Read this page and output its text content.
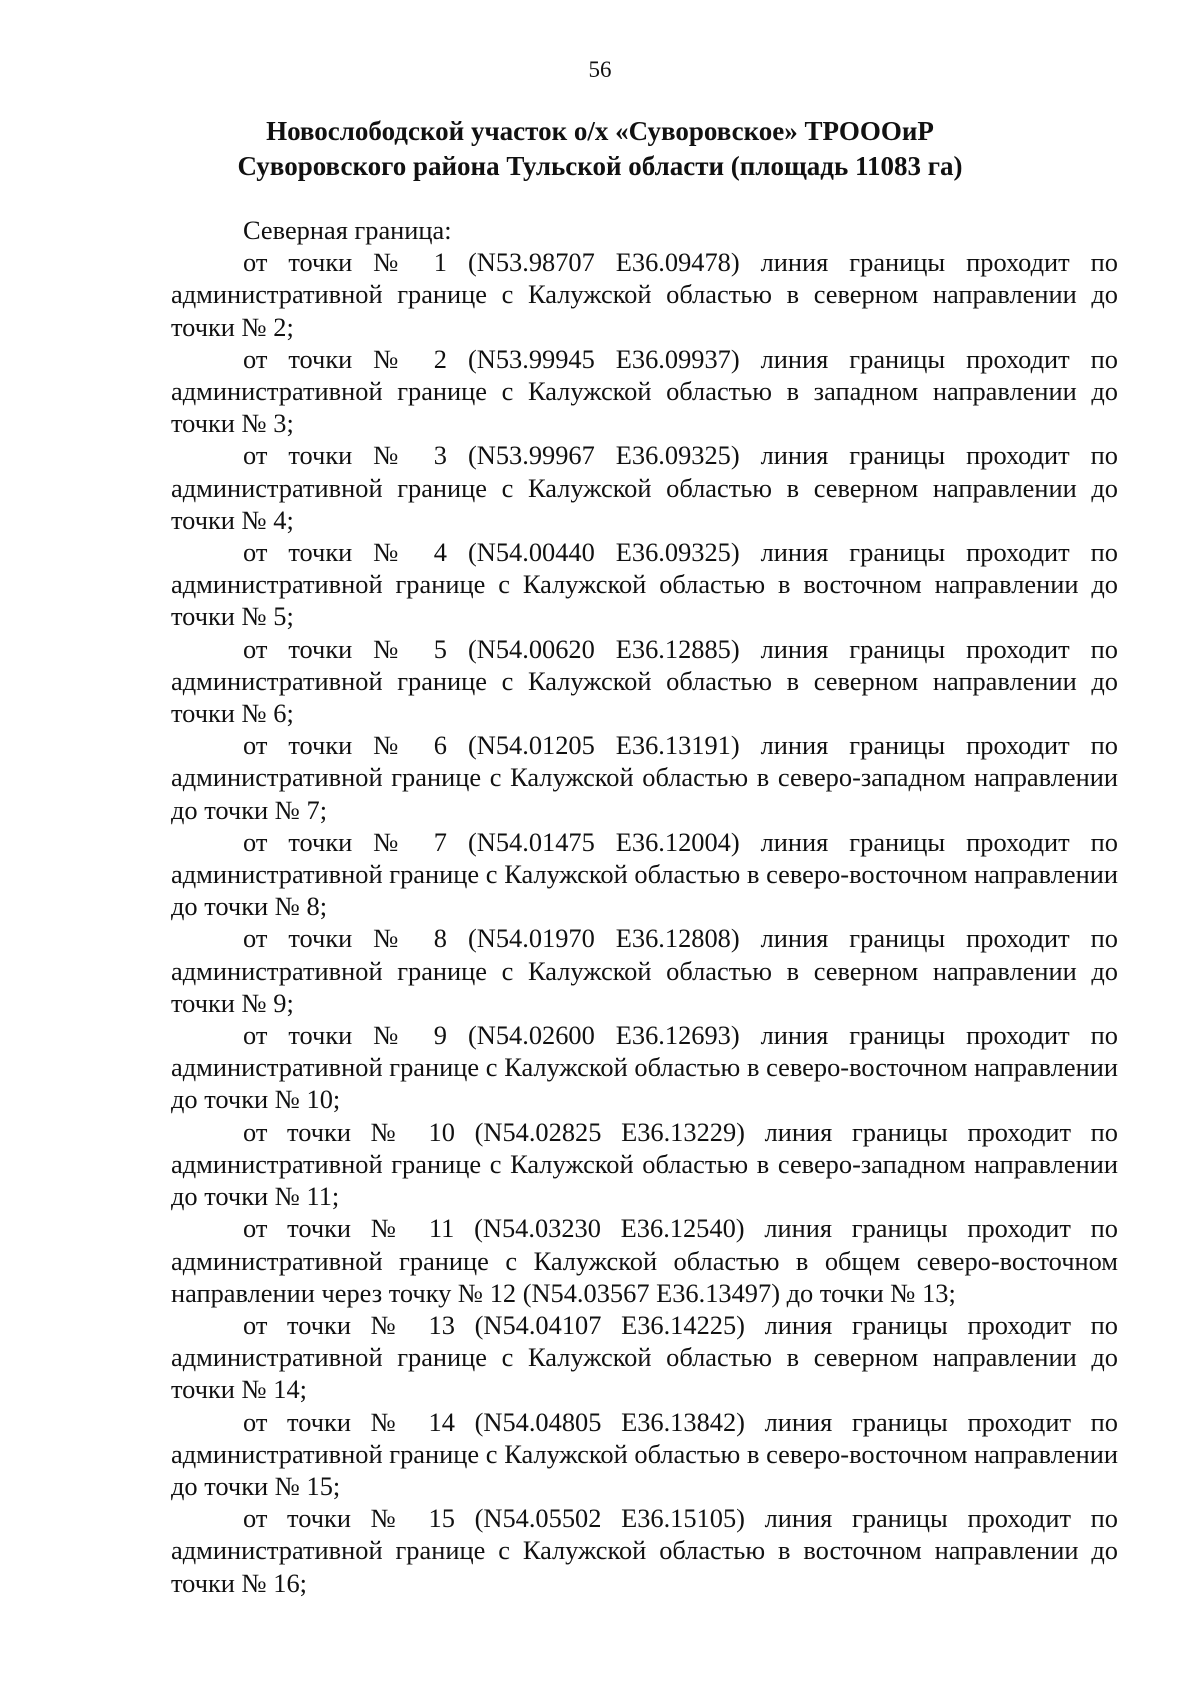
56
Новослободской участок о/х «Суворовское» ТРОООиР
Суворовского района Тульской области (площадь 11083 га)

Северная граница:

от точки № 1 (N53.98707 E36.09478) линия границы проходит по административной границе с Калужской областью в северном направлении до точки № 2;

от точки № 2 (N53.99945 E36.09937) линия границы проходит по административной границе с Калужской областью в западном направлении до точки № 3;

от точки № 3 (N53.99967 E36.09325) линия границы проходит по административной границе с Калужской областью в северном направлении до точки № 4;

от точки № 4 (N54.00440 E36.09325) линия границы проходит по административной границе с Калужской областью в восточном направлении до точки № 5;

от точки № 5 (N54.00620 E36.12885) линия границы проходит по административной границе с Калужской областью в северном направлении до точки № 6;

от точки № 6 (N54.01205 E36.13191) линия границы проходит по административной границе с Калужской областью в северо-западном направлении до точки № 7;

от точки № 7 (N54.01475 E36.12004) линия границы проходит по административной границе с Калужской областью в северо-восточном направлении до точки № 8;

от точки № 8 (N54.01970 E36.12808) линия границы проходит по административной границе с Калужской областью в северном направлении до точки № 9;

от точки № 9 (N54.02600 E36.12693) линия границы проходит по административной границе с Калужской областью в северо-восточном направлении до точки № 10;

от точки № 10 (N54.02825 E36.13229) линия границы проходит по административной границе с Калужской областью в северо-западном направлении до точки № 11;

от точки № 11 (N54.03230 E36.12540) линия границы проходит по административной границе с Калужской областью в общем северо-восточном направлении через точку № 12 (N54.03567 E36.13497) до точки № 13;

от точки № 13 (N54.04107 E36.14225) линия границы проходит по административной границе с Калужской областью в северном направлении до точки № 14;

от точки № 14 (N54.04805 E36.13842) линия границы проходит по административной границе с Калужской областью в северо-восточном направлении до точки № 15;

от точки № 15 (N54.05502 E36.15105) линия границы проходит по административной границе с Калужской областью в восточном направлении до точки № 16;
